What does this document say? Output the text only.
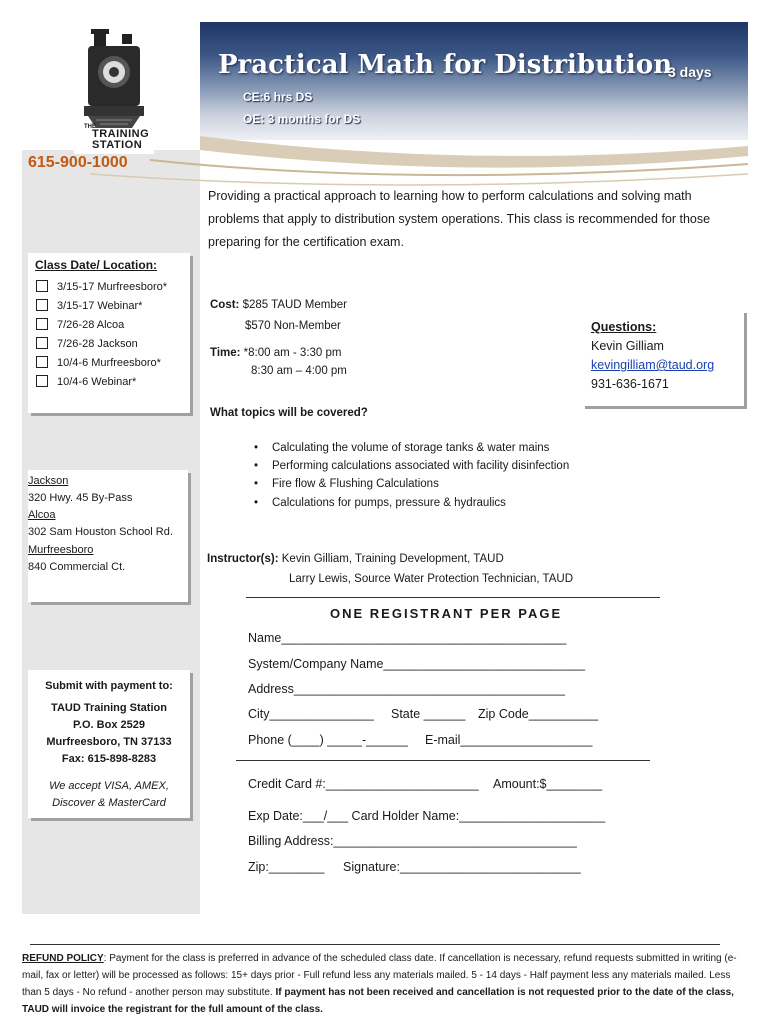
Practical Math for Distribution
3 days
CE:6 hrs DS
OE: 3 months for DS
THE
TRAINING
STATION
615-900-1000
Providing a practical approach to learning how to perform calculations and solving math problems that apply to distribution system operations. This class is recommended for those preparing for the certification exam.
Class Date/ Location:
3/15-17 Murfreesboro*
3/15-17 Webinar*
7/26-28 Alcoa
7/26-28 Jackson
10/4-6 Murfreesboro*
10/4-6 Webinar*
Jackson
320 Hwy. 45 By-Pass
Alcoa
302 Sam Houston School Rd.
Murfreesboro
840 Commercial Ct.
Submit with payment to:
TAUD Training Station
P.O. Box 2529
Murfreesboro, TN 37133
Fax: 615-898-8283
We accept VISA, AMEX,
Discover & MasterCard
Cost: $285 TAUD Member
$570 Non-Member
Time: *8:00 am - 3:30 pm
8:30 am – 4:00 pm
Questions:
Kevin Gilliam
kevingilliam@taud.org
931-636-1671
What topics will be covered?
• Calculating the volume of storage tanks & water mains
• Performing calculations associated with facility disinfection
• Fire flow & Flushing Calculations
• Calculations for pumps, pressure & hydraulics
Instructor(s): Kevin Gilliam, Training Development, TAUD
Larry Lewis, Source Water Protection Technician, TAUD
ONE REGISTRANT PER PAGE
Name_________________________________________
System/Company Name_____________________________
Address_______________________________________
City_______________ State ______ Zip Code__________
Phone (____) _____-______ E-mail___________________
Credit Card #:______________________ Amount:$________
Exp Date:___/___ Card Holder Name:_____________________
Billing Address:___________________________________
Zip:________ Signature:__________________________
REFUND POLICY: Payment for the class is preferred in advance of the scheduled class date. If cancellation is necessary, refund requests submitted in writing (e-mail, fax or letter) will be processed as follows: 15+ days prior - Full refund less any materials mailed. 5 - 14 days - Half payment less any materials mailed. Less than 5 days - No refund - another person may substitute. If payment has not been received and cancellation is not requested prior to the date of the class, TAUD will invoice the registrant for the full amount of the class.
